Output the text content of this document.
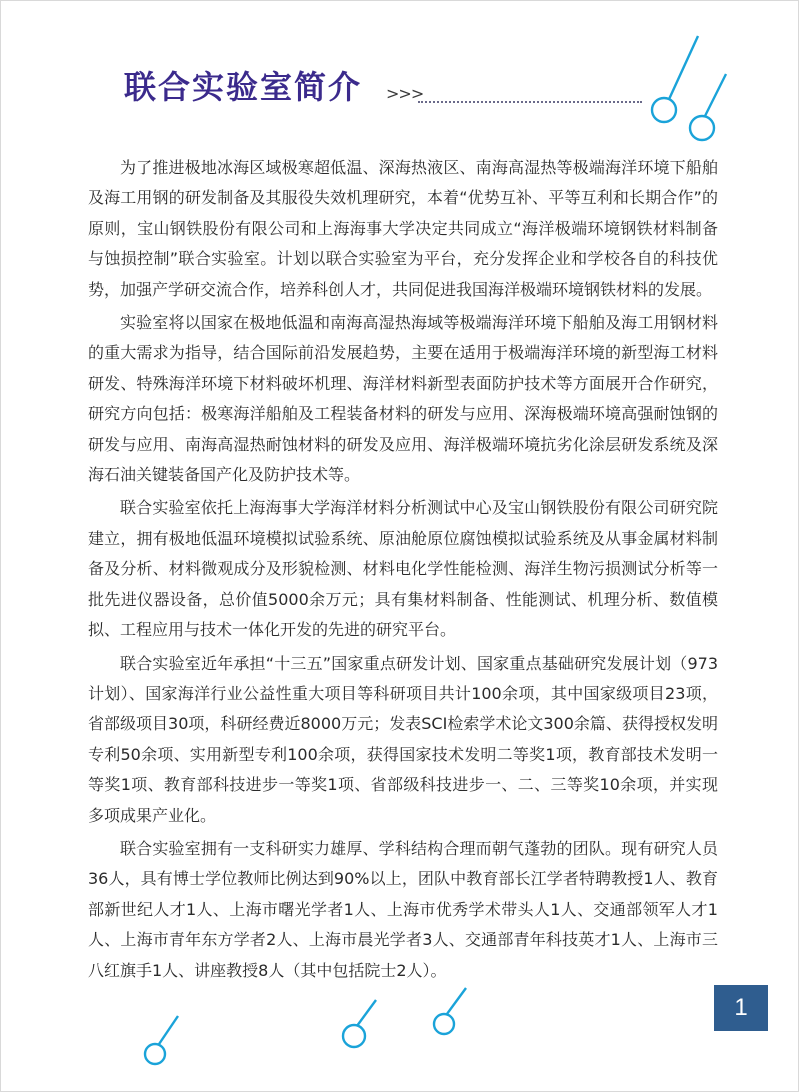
联合实验室简介 >>>

为了推进极地冰海区域极寒超低温、深海热液区、南海高湿热等极端海洋环境下船舶及海工用钢的研发制备及其服役失效机理研究，本着“优势互补、平等互利和长期合作”的原则，宝山钢铁股份有限公司和上海海事大学决定共同成立“海洋极端环境钢铁材料制备与蚀损控制”联合实验室。计划以联合实验室为平台，充分发挥企业和学校各自的科技优势，加强产学研交流合作，培养科创人才，共同促进我国海洋极端环境钢铁材料的发展。

实验室将以国家在极地低温和南海高湿热海域等极端海洋环境下船舶及海工用钢材料的重大需求为指导，结合国际前沿发展趋势，主要在适用于极端海洋环境的新型海工材料研发、特殊海洋环境下材料破坏机理、海洋材料新型表面防护技术等方面展开合作研究，研究方向包括：极寒海洋船舶及工程装备材料的研发与应用、深海极端环境高强耐蚀钢的研发与应用、南海高湿热耐蚀材料的研发及应用、海洋极端环境抗劣化涂层研发系统及深海石油关键装备国产化及防护技术等。

联合实验室依托上海海事大学海洋材料分析测试中心及宝山钢铁股份有限公司研究院建立，拥有极地低温环境模拟试验系统、原油舱原位腐蚀模拟试验系统及从事金属材料制备及分析、材料微观成分及形貌检测、材料电化学性能检测、海洋生物污损测试分析等一批先进仪器设备，总价值5000余万元；具有集材料制备、性能测试、机理分析、数值模拟、工程应用与技术一体化开发的先进的研究平台。

联合实验室近年承担“十三五”国家重点研发计划、国家重点基础研究发展计划（973计划）、国家海洋行业公益性重大项目等科研项目共计100余项，其中国家级项目23项，省部级项目30项，科研经费近8000万元；发表SCI检索学术论文300余篇、获得授权发明专利50余项、实用新型专利100余项，获得国家技术发明二等奖1项，教育部技术发明一等奖1项、教育部科技进步一等奖1项、省部级科技进步一、二、三等奖10余项，并实现多项成果产业化。

联合实验室拥有一支科研实力雄厚、学科结构合理而朝气蓬勃的团队。现有研究人员36人，具有博士学位教师比例达到90%以上，团队中教育部长江学者特聘教授1人、教育部新世纪人才1人、上海市曙光学者1人、上海市优秀学术带头人1人、交通部领军人才1人、上海市青年东方学者2人、上海市晨光学者3人、交通部青年科技英才1人、上海市三八红旗手1人、讲座教授8人（其中包括院士2人）。

1
